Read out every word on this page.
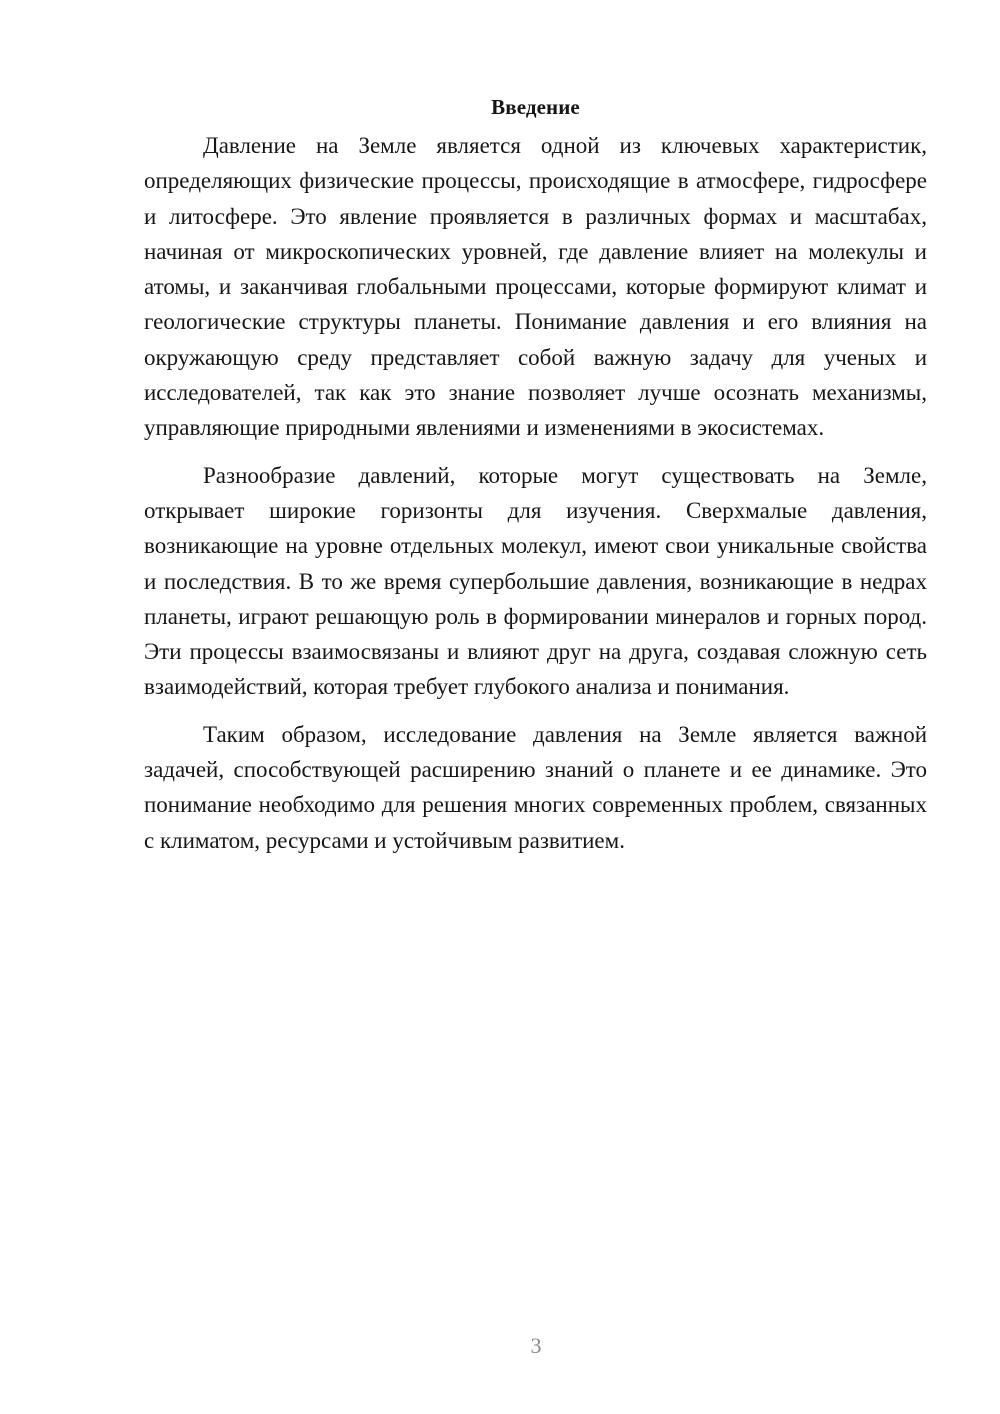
Введение

Давление на Земле является одной из ключевых характеристик, определяющих физические процессы, происходящие в атмосфере, гидросфере и литосфере. Это явление проявляется в различных формах и масштабах, начиная от микроскопических уровней, где давление влияет на молекулы и атомы, и заканчивая глобальными процессами, которые формируют климат и геологические структуры планеты. Понимание давления и его влияния на окружающую среду представляет собой важную задачу для ученых и исследователей, так как это знание позволяет лучше осознать механизмы, управляющие природными явлениями и изменениями в экосистемах.

Разнообразие давлений, которые могут существовать на Земле, открывает широкие горизонты для изучения. Сверхмалые давления, возникающие на уровне отдельных молекул, имеют свои уникальные свойства и последствия. В то же время супербольшие давления, возникающие в недрах планеты, играют решающую роль в формировании минералов и горных пород. Эти процессы взаимосвязаны и влияют друг на друга, создавая сложную сеть взаимодействий, которая требует глубокого анализа и понимания.

Таким образом, исследование давления на Земле является важной задачей, способствующей расширению знаний о планете и ее динамике. Это понимание необходимо для решения многих современных проблем, связанных с климатом, ресурсами и устойчивым развитием.

3
